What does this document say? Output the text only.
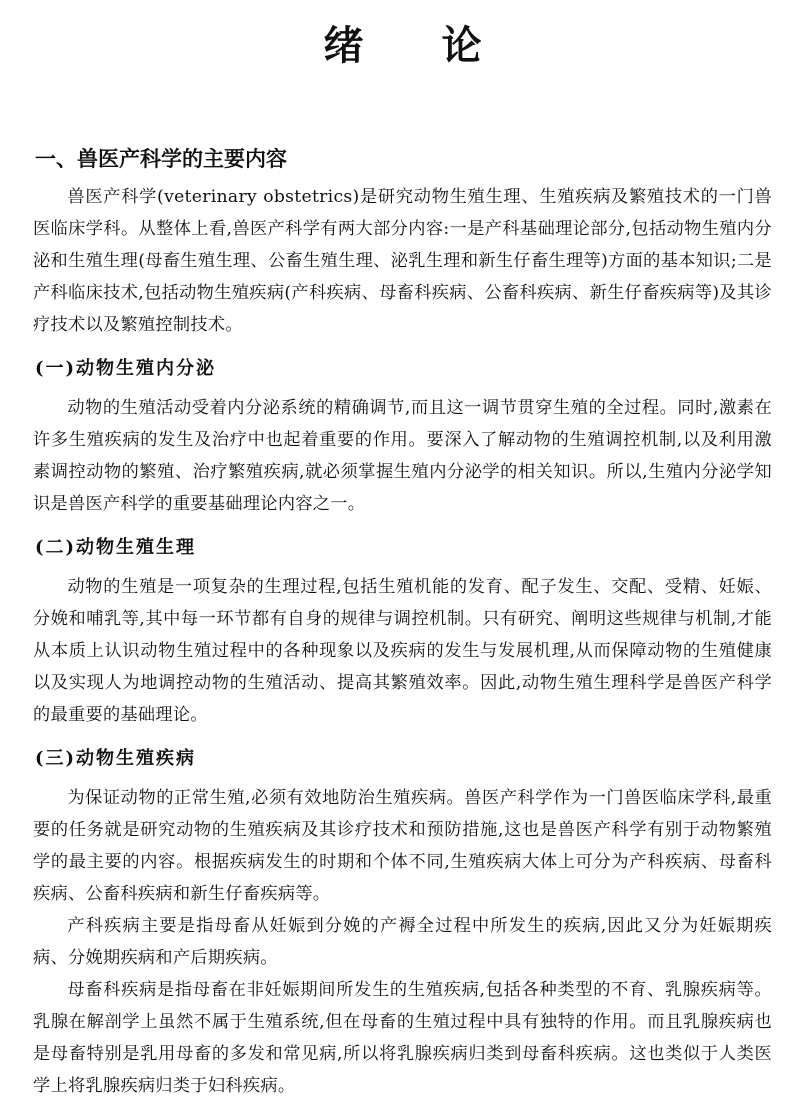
绪论
一、兽医产科学的主要内容

兽医产科学(veterinary obstetrics)是研究动物生殖生理、生殖疾病及繁殖技术的一门兽医临床学科。从整体上看,兽医产科学有两大部分内容:一是产科基础理论部分,包括动物生殖内分泌和生殖生理(母畜生殖生理、公畜生殖生理、泌乳生理和新生仔畜生理等)方面的基本知识;二是产科临床技术,包括动物生殖疾病(产科疾病、母畜科疾病、公畜科疾病、新生仔畜疾病等)及其诊疗技术以及繁殖控制技术。

(一)动物生殖内分泌

动物的生殖活动受着内分泌系统的精确调节,而且这一调节贯穿生殖的全过程。同时,激素在许多生殖疾病的发生及治疗中也起着重要的作用。要深入了解动物的生殖调控机制,以及利用激素调控动物的繁殖、治疗繁殖疾病,就必须掌握生殖内分泌学的相关知识。所以,生殖内分泌学知识是兽医产科学的重要基础理论内容之一。

(二)动物生殖生理

动物的生殖是一项复杂的生理过程,包括生殖机能的发育、配子发生、交配、受精、妊娠、分娩和哺乳等,其中每一环节都有自身的规律与调控机制。只有研究、阐明这些规律与机制,才能从本质上认识动物生殖过程中的各种现象以及疾病的发生与发展机理,从而保障动物的生殖健康以及实现人为地调控动物的生殖活动、提高其繁殖效率。因此,动物生殖生理科学是兽医产科学的最重要的基础理论。

(三)动物生殖疾病

为保证动物的正常生殖,必须有效地防治生殖疾病。兽医产科学作为一门兽医临床学科,最重要的任务就是研究动物的生殖疾病及其诊疗技术和预防措施,这也是兽医产科学有别于动物繁殖学的最主要的内容。根据疾病发生的时期和个体不同,生殖疾病大体上可分为产科疾病、母畜科疾病、公畜科疾病和新生仔畜疾病等。

产科疾病主要是指母畜从妊娠到分娩的产褥全过程中所发生的疾病,因此又分为妊娠期疾病、分娩期疾病和产后期疾病。

母畜科疾病是指母畜在非妊娠期间所发生的生殖疾病,包括各种类型的不育、乳腺疾病等。乳腺在解剖学上虽然不属于生殖系统,但在母畜的生殖过程中具有独特的作用。而且乳腺疾病也是母畜特别是乳用母畜的多发和常见病,所以将乳腺疾病归类到母畜科疾病。这也类似于人类医学上将乳腺疾病归类于妇科疾病。
